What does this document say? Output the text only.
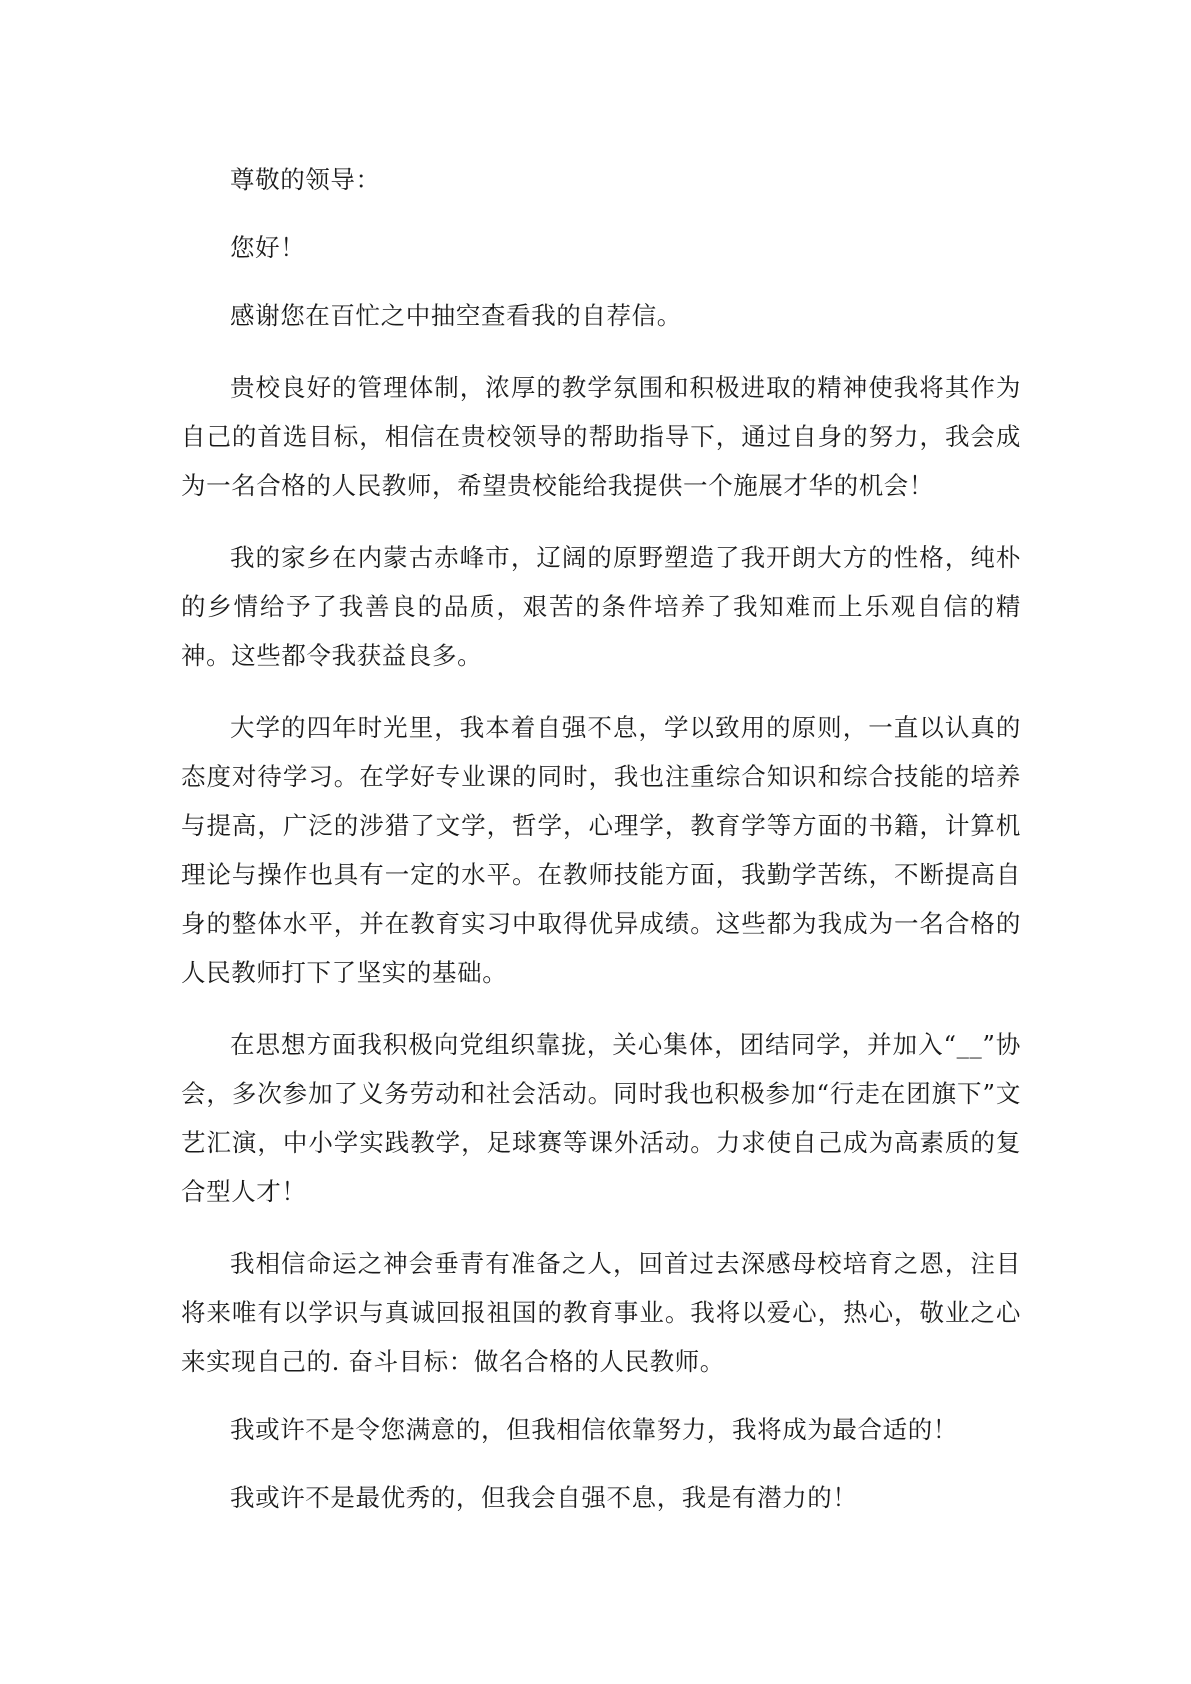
尊敬的领导：

您好！

感谢您在百忙之中抽空查看我的自荐信。

贵校良好的管理体制，浓厚的教学氛围和积极进取的精神使我将其作为自己的首选目标，相信在贵校领导的帮助指导下，通过自身的努力，我会成为一名合格的人民教师，希望贵校能给我提供一个施展才华的机会！

我的家乡在内蒙古赤峰市，辽阔的原野塑造了我开朗大方的性格，纯朴的乡情给予了我善良的品质，艰苦的条件培养了我知难而上乐观自信的精神。这些都令我获益良多。

大学的四年时光里，我本着自强不息，学以致用的原则，一直以认真的态度对待学习。在学好专业课的同时，我也注重综合知识和综合技能的培养与提高，广泛的涉猎了文学，哲学，心理学，教育学等方面的书籍，计算机理论与操作也具有一定的水平。在教师技能方面，我勤学苦练，不断提高自身的整体水平，并在教育实习中取得优异成绩。这些都为我成为一名合格的人民教师打下了坚实的基础。

在思想方面我积极向党组织靠拢，关心集体，团结同学，并加入“__”协会，多次参加了义务劳动和社会活动。同时我也积极参加“行走在团旗下”文艺汇演，中小学实践教学，足球赛等课外活动。力求使自己成为高素质的复合型人才！

我相信命运之神会垂青有准备之人，回首过去深感母校培育之恩，注目将来唯有以学识与真诚回报祖国的教育事业。我将以爱心，热心，敬业之心来实现自己的. 奋斗目标：做名合格的人民教师。

我或许不是令您满意的，但我相信依靠努力，我将成为最合适的！

我或许不是最优秀的，但我会自强不息，我是有潜力的！
